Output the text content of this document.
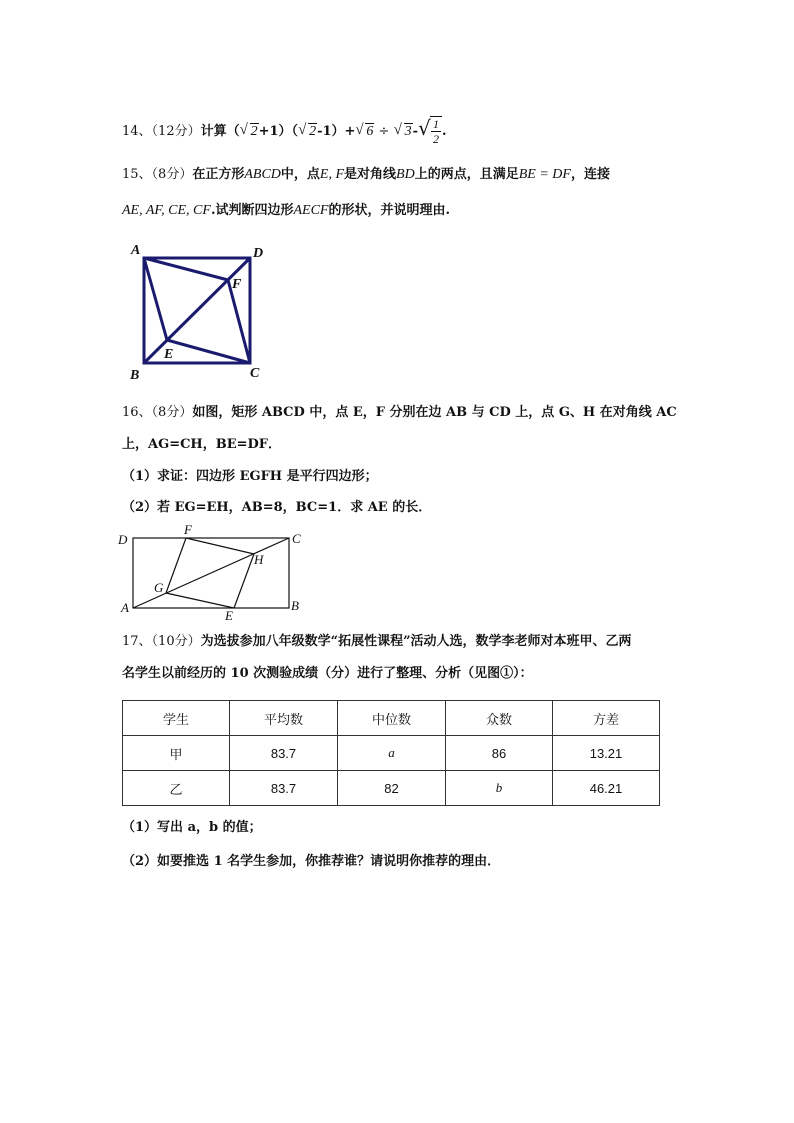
14、（12分）计算（ √ 2+1）（ √ 2-1）+ √ 6 ÷ √ 3- √ $\frac{1}{2}$ .
15、（8分）在正方形ABCD中，点E, F是对角线BD上的两点，且满足BE = DF，连接
AE, AF, CE, CF.试判断四边形AECF的形状，并说明理由.
A	D
F
E
B	C
16、（8分）如图，矩形 ABCD 中，点 E，F 分别在边 AB 与 CD 上，点 G、H 在对角线 AC
上，AG=CH，BE=DF．
（1）求证：四边形 EGFH 是平行四边形；
（2）若 EG=EH，AB=8，BC=1．求 AE 的长．
D
F
C
H
G
A
E
B
17、（10分）为选拔参加八年级数学“拓展性课程”活动人选，数学李老师对本班甲、乙两
名学生以前经历的 10 次测验成绩（分）进行了整理、分析（见图①）：
学生	平均数	中位数	众数	方差
甲	83.7	a	86	13.21
乙	83.7	82	b	46.21
（1）写出 a，b 的值；
（2）如要推选 1 名学生参加，你推荐谁？请说明你推荐的理由．
